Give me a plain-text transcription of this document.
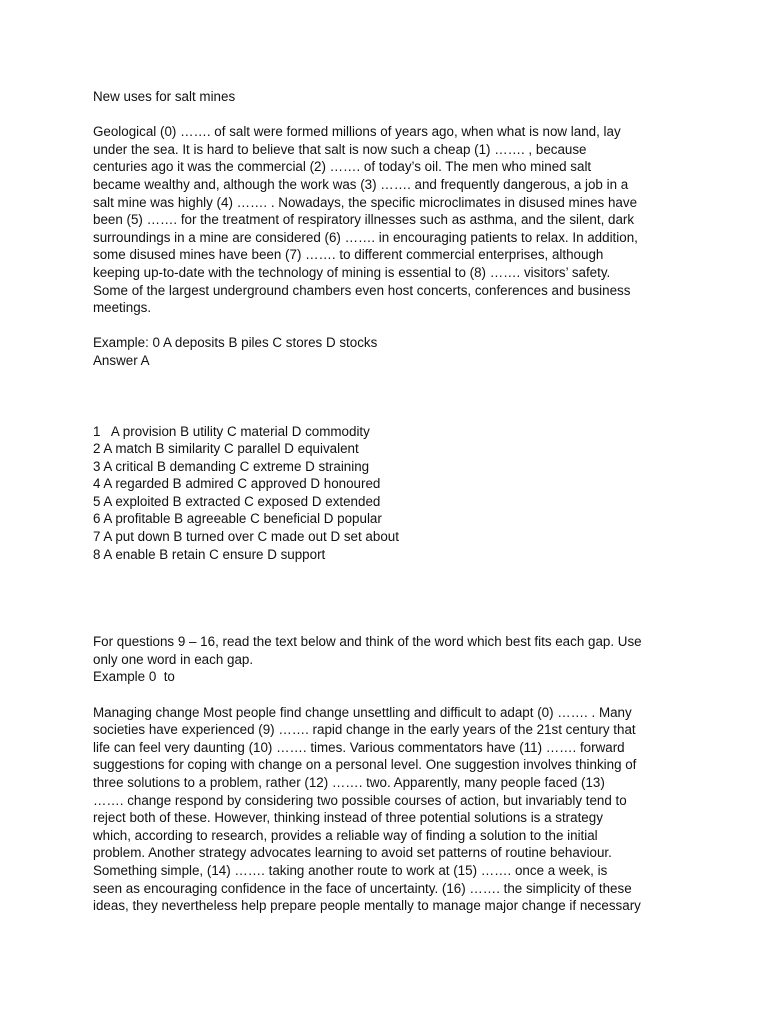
New uses for salt mines
Geological (0) ……. of salt were formed millions of years ago, when what is now land, lay
under the sea. It is hard to believe that salt is now such a cheap (1) ……. , because
centuries ago it was the commercial (2) ……. of today’s oil. The men who mined salt
became wealthy and, although the work was (3) ……. and frequently dangerous, a job in a
salt mine was highly (4) ……. . Nowadays, the specific microclimates in disused mines have
been (5) ……. for the treatment of respiratory illnesses such as asthma, and the silent, dark
surroundings in a mine are considered (6) ……. in encouraging patients to relax. In addition,
some disused mines have been (7) ……. to different commercial enterprises, although
keeping up-to-date with the technology of mining is essential to (8) ……. visitors’ safety.
Some of the largest underground chambers even host concerts, conferences and business
meetings.
Example: 0 A deposits B piles C stores D stocks
Answer A
1   A provision B utility C material D commodity
2 A match B similarity C parallel D equivalent
3 A critical B demanding C extreme D straining
4 A regarded B admired C approved D honoured
5 A exploited B extracted C exposed D extended
6 A profitable B agreeable C beneficial D popular
7 A put down B turned over C made out D set about
8 A enable B retain C ensure D support
For questions 9 – 16, read the text below and think of the word which best fits each gap. Use
only one word in each gap.
Example 0  to
Managing change Most people find change unsettling and difficult to adapt (0) ……. . Many
societies have experienced (9) ……. rapid change in the early years of the 21st century that
life can feel very daunting (10) ……. times. Various commentators have (11) ……. forward
suggestions for coping with change on a personal level. One suggestion involves thinking of
three solutions to a problem, rather (12) ……. two. Apparently, many people faced (13)
……. change respond by considering two possible courses of action, but invariably tend to
reject both of these. However, thinking instead of three potential solutions is a strategy
which, according to research, provides a reliable way of finding a solution to the initial
problem. Another strategy advocates learning to avoid set patterns of routine behaviour.
Something simple, (14) ……. taking another route to work at (15) ……. once a week, is
seen as encouraging confidence in the face of uncertainty. (16) ……. the simplicity of these
ideas, they nevertheless help prepare people mentally to manage major change if necessary
